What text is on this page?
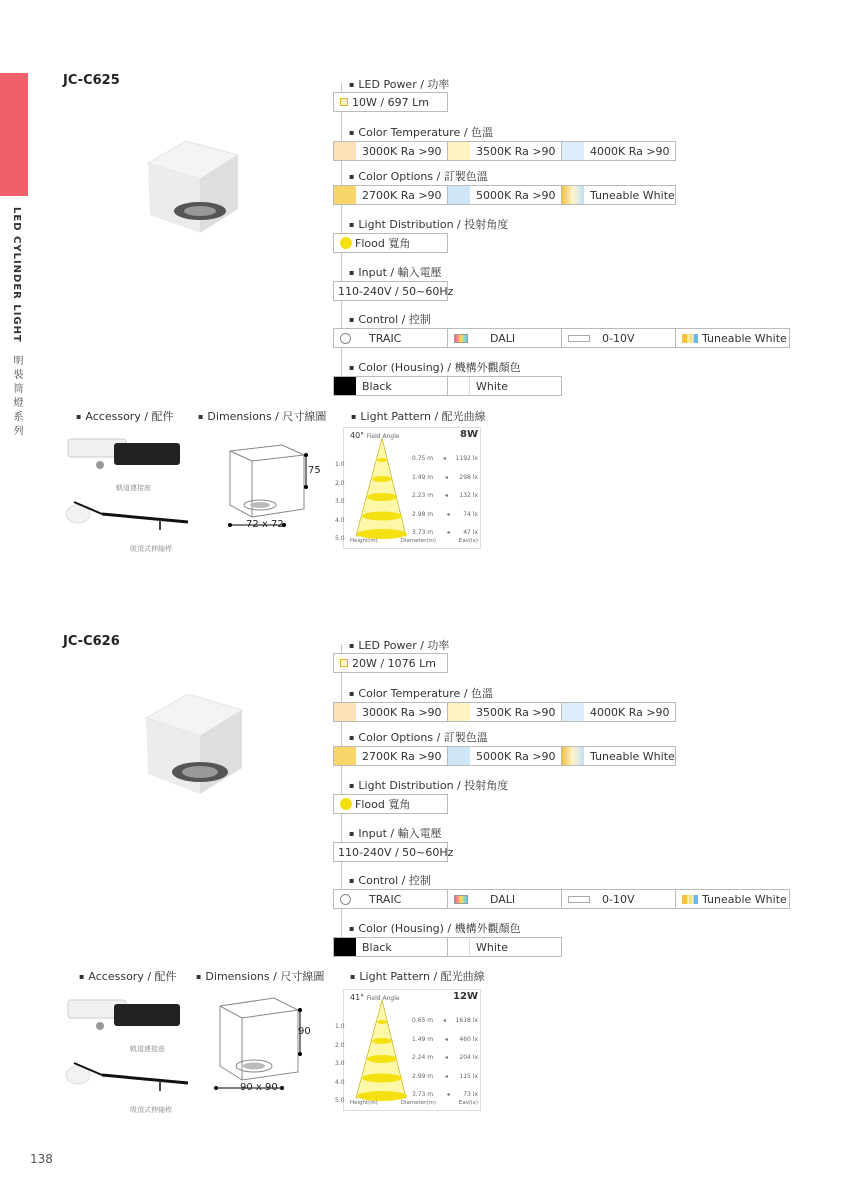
LED CYLINDER LIGHT 明裝筒燈系列
138
JC-C625	▪ LED Power / 功率
10W / 697 Lm
▪ Color Temperature / 色溫
3000K Ra >90	3500K Ra >90	4000K Ra >90
▪ Color Options / 訂製色溫
2700K Ra >90	5000K Ra >90	Tuneable White
▪ Light Distribution / 投射角度
Flood 寬角
▪ Input / 輸入電壓
110-240V / 50~60Hz
▪ Control / 控制
TRAIC	DALI	0-10V	Tuneable White
▪ Color (Housing) / 機構外觀顏色
Black	White
▪ Accessory / 配件	▪ Dimensions / 尺寸線圖	▪ Light Pattern / 配光曲線
軌道連接座
吸頂式伸縮桿
75
72 x 72
40° Field Angle	8W
1.0
2.0
3.0
4.0
5.0
0.75 m ◂ 1192 lx
1.49 m ◂ 298 lx
2.23 m ◂ 132 lx
2.98 m ◂ 74 lx
3.73 m ◂ 47 lx
Height(m)	Diameter(m)	Eav(lx)
JC-C626	▪ LED Power / 功率
20W / 1076 Lm
▪ Color Temperature / 色溫
3000K Ra >90	3500K Ra >90	4000K Ra >90
▪ Color Options / 訂製色溫
2700K Ra >90	5000K Ra >90	Tuneable White
▪ Light Distribution / 投射角度
Flood 寬角
▪ Input / 輸入電壓
110-240V / 50~60Hz
▪ Control / 控制
TRAIC	DALI	0-10V	Tuneable White
▪ Color (Housing) / 機構外觀顏色
Black	White
▪ Accessory / 配件	▪ Dimensions / 尺寸線圖	▪ Light Pattern / 配光曲線
軌道連接座
吸頂式伸縮桿
90
90 x 90
41° Field Angle	12W
1.0
2.0
3.0
4.0
5.0
0.65 m ◂ 1618 lx
1.49 m ◂ 460 lx
2.24 m ◂ 204 lx
2.99 m ◂ 115 lx
3.73 m ◂ 73 lx
Height(m)	Diameter(m)	Eav(lx)
